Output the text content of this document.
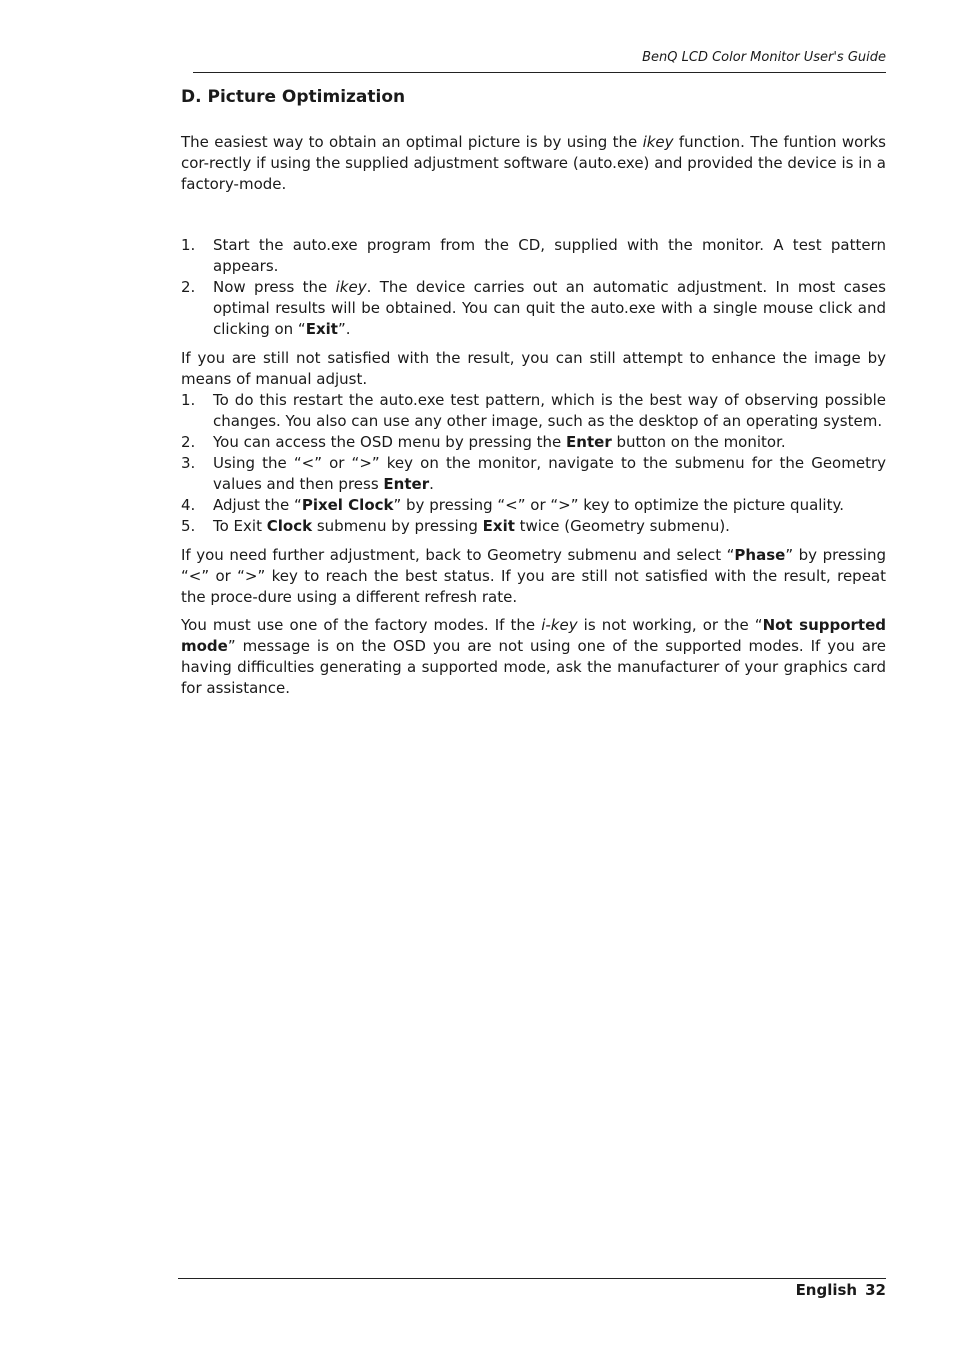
BenQ LCD Color Monitor User's Guide
D. Picture Optimization

The easiest way to obtain an optimal picture is by using the ikey function. The funtion works cor-rectly if using the supplied adjustment software (auto.exe) and provided the device is in a factory-mode.

1. Start the auto.exe program from the CD, supplied with the monitor. A test pattern appears.
2. Now press the ikey. The device carries out an automatic adjustment. In most cases optimal results will be obtained. You can quit the auto.exe with a single mouse click and clicking on “Exit”.

If you are still not satisfied with the result, you can still attempt to enhance the image by means of manual adjust.

1. To do this restart the auto.exe test pattern, which is the best way of observing possible changes. You also can use any other image, such as the desktop of an operating system.
2. You can access the OSD menu by pressing the Enter button on the monitor.
3. Using the “<” or “>” key on the monitor, navigate to the submenu for the Geometry values and then press Enter.
4. Adjust the “Pixel Clock” by pressing “<” or “>” key to optimize the picture quality.
5. To Exit Clock submenu by pressing Exit twice (Geometry submenu).

If you need further adjustment, back to Geometry submenu and select “Phase” by pressing “<” or “>” key to reach the best status. If you are still not satisfied with the result, repeat the proce-dure using a different refresh rate.

You must use one of the factory modes. If the i-key is not working, or the “Not supported mode” message is on the OSD you are not using one of the supported modes. If you are having difficulties generating a supported mode, ask the manufacturer of your graphics card for assistance.

English 32
